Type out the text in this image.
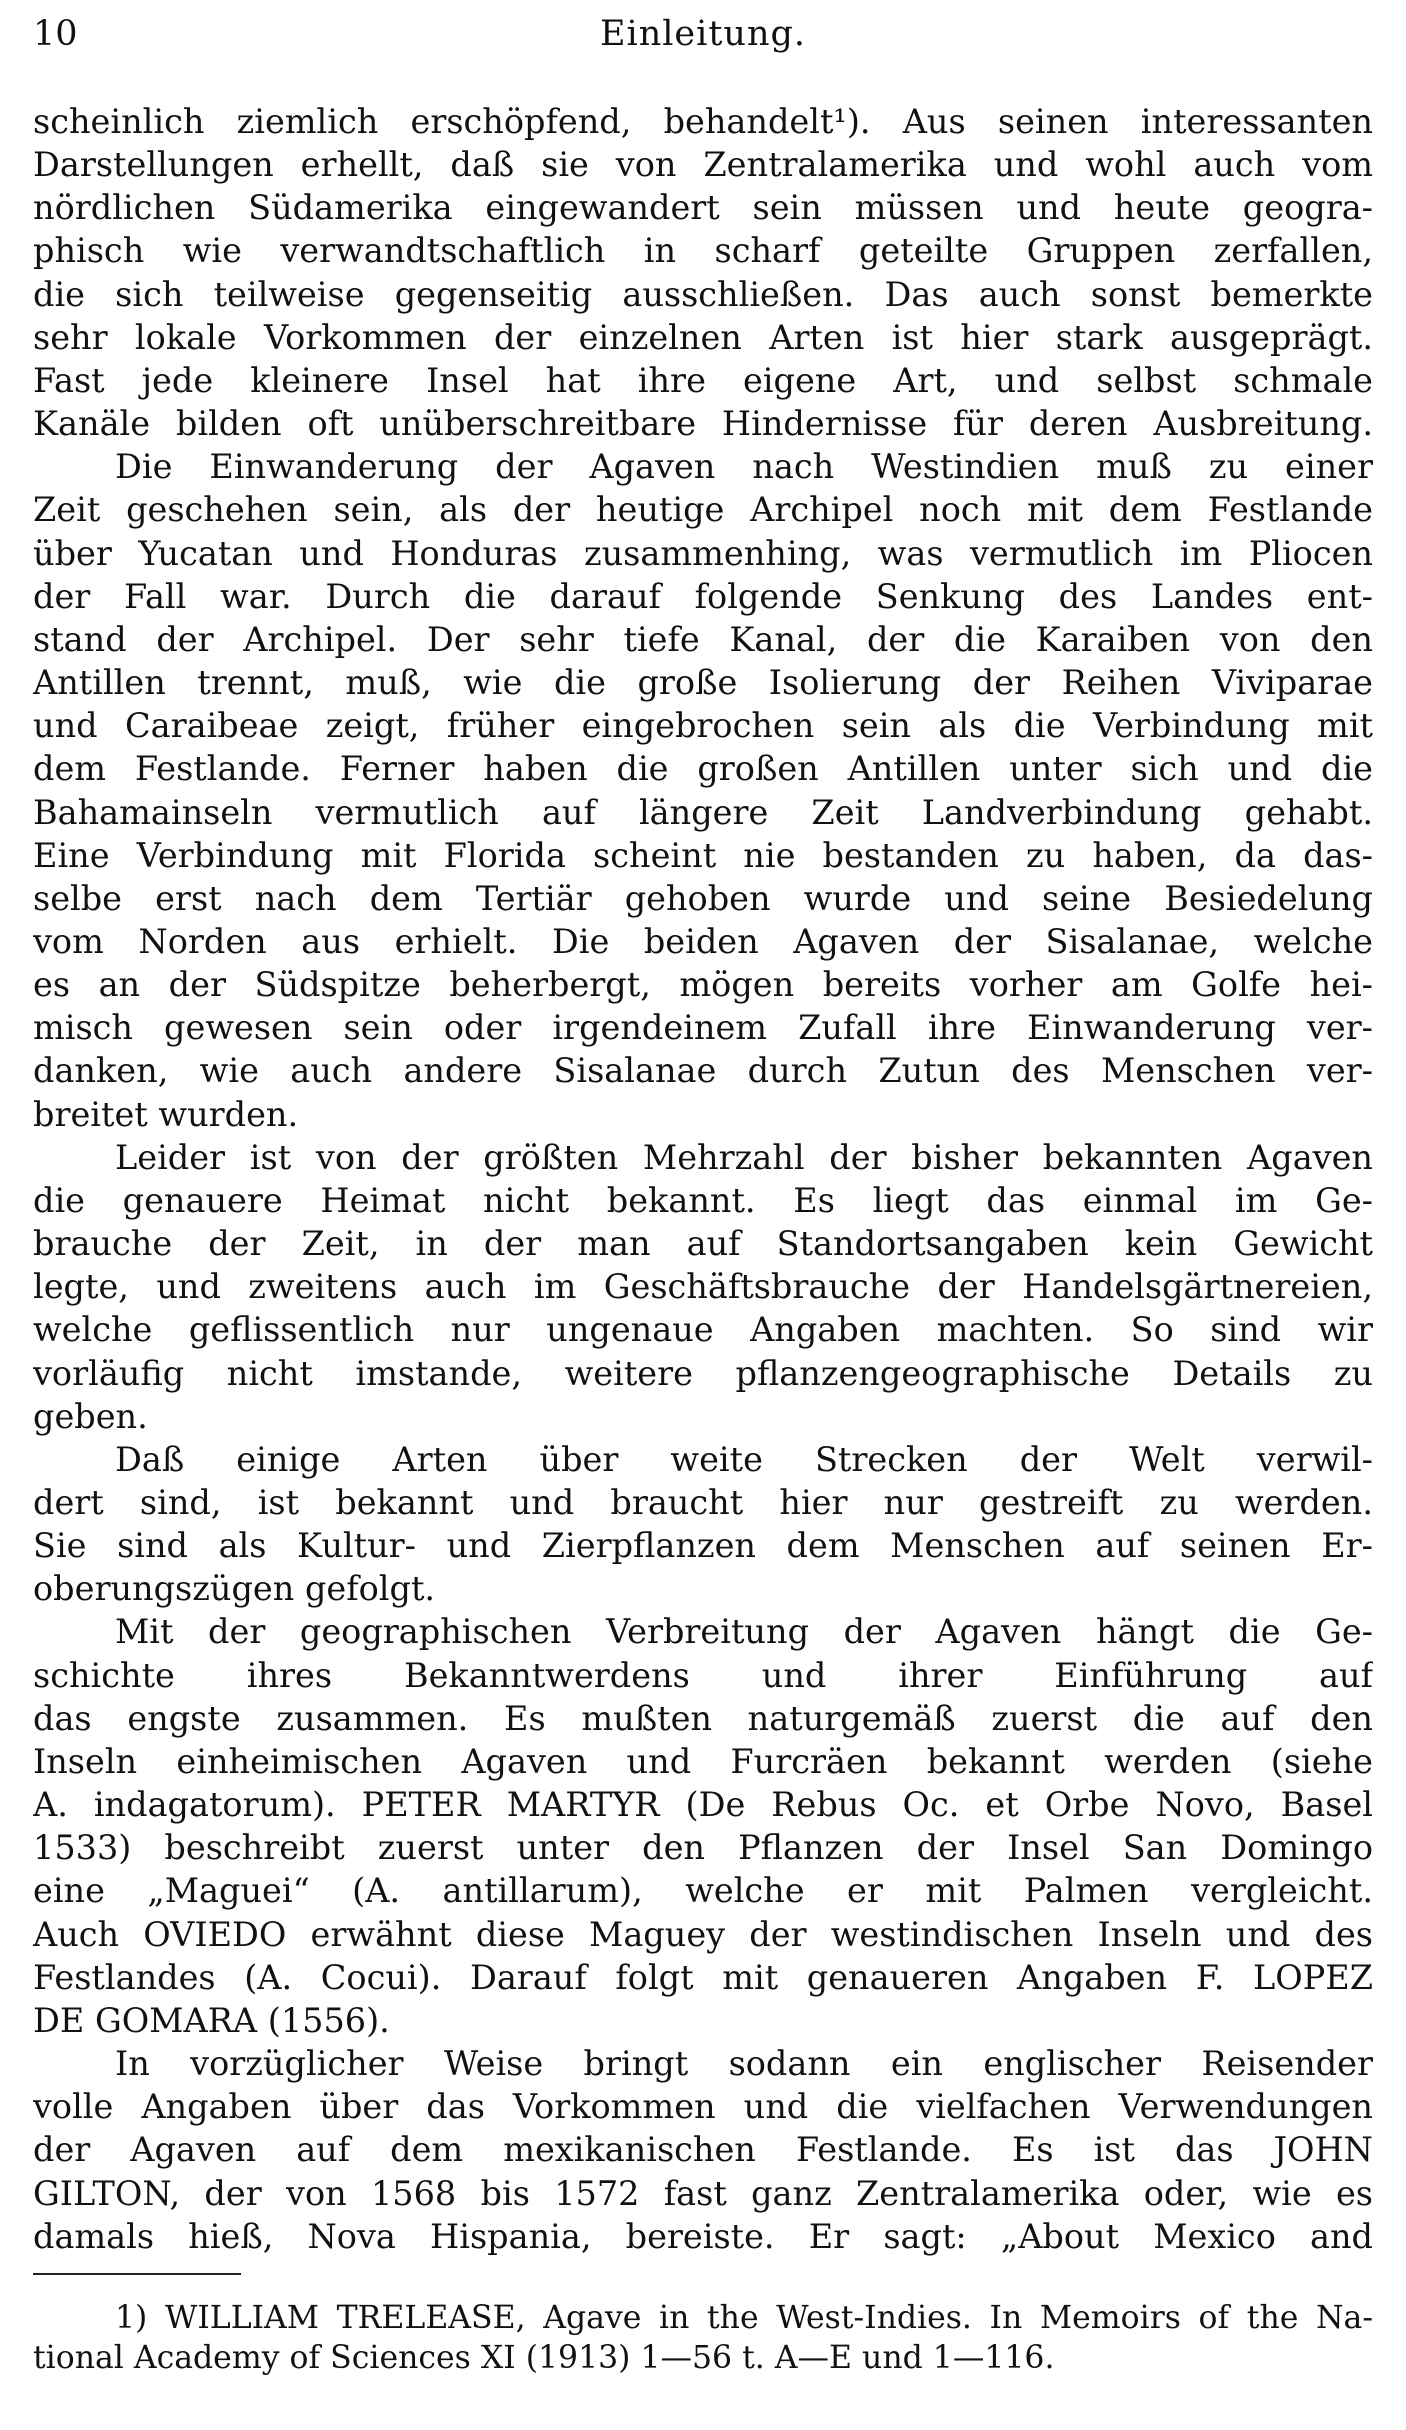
10	Einleitung.
scheinlich ziemlich erschöpfend, behandelt¹). Aus seinen interessanten
Darstellungen erhellt, daß sie von Zentralamerika und wohl auch vom
nördlichen Südamerika eingewandert sein müssen und heute geogra-
phisch wie verwandtschaftlich in scharf geteilte Gruppen zerfallen,
die sich teilweise gegenseitig ausschließen. Das auch sonst bemerkte
sehr lokale Vorkommen der einzelnen Arten ist hier stark ausgeprägt.
Fast jede kleinere Insel hat ihre eigene Art, und selbst schmale
Kanäle bilden oft unüberschreitbare Hindernisse für deren Ausbreitung.
Die Einwanderung der Agaven nach Westindien muß zu einer
Zeit geschehen sein, als der heutige Archipel noch mit dem Festlande
über Yucatan und Honduras zusammenhing, was vermutlich im Pliocen
der Fall war. Durch die darauf folgende Senkung des Landes ent-
stand der Archipel. Der sehr tiefe Kanal, der die Karaiben von den
Antillen trennt, muß, wie die große Isolierung der Reihen Viviparae
und Caraibeae zeigt, früher eingebrochen sein als die Verbindung mit
dem Festlande. Ferner haben die großen Antillen unter sich und die
Bahamainseln vermutlich auf längere Zeit Landverbindung gehabt.
Eine Verbindung mit Florida scheint nie bestanden zu haben, da das-
selbe erst nach dem Tertiär gehoben wurde und seine Besiedelung
vom Norden aus erhielt. Die beiden Agaven der Sisalanae, welche
es an der Südspitze beherbergt, mögen bereits vorher am Golfe hei-
misch gewesen sein oder irgendeinem Zufall ihre Einwanderung ver-
danken, wie auch andere Sisalanae durch Zutun des Menschen ver-
breitet wurden.
Leider ist von der größten Mehrzahl der bisher bekannten Agaven
die genauere Heimat nicht bekannt. Es liegt das einmal im Ge-
brauche der Zeit, in der man auf Standortsangaben kein Gewicht
legte, und zweitens auch im Geschäftsbrauche der Handelsgärtnereien,
welche geflissentlich nur ungenaue Angaben machten. So sind wir
vorläufig nicht imstande, weitere pflanzengeographische Details zu
geben.
Daß einige Arten über weite Strecken der Welt verwil-
dert sind, ist bekannt und braucht hier nur gestreift zu werden.
Sie sind als Kultur- und Zierpflanzen dem Menschen auf seinen Er-
oberungszügen gefolgt.
Mit der geographischen Verbreitung der Agaven hängt die Ge-
schichte ihres Bekanntwerdens und ihrer Einführung auf
das engste zusammen. Es mußten naturgemäß zuerst die auf den
Inseln einheimischen Agaven und Furcräen bekannt werden (siehe
A. indagatorum). PETER MARTYR (De Rebus Oc. et Orbe Novo, Basel
1533) beschreibt zuerst unter den Pflanzen der Insel San Domingo
eine „Maguei“ (A. antillarum), welche er mit Palmen vergleicht.
Auch OVIEDO erwähnt diese Maguey der westindischen Inseln und des
Festlandes (A. Cocui). Darauf folgt mit genaueren Angaben F. LOPEZ
DE GOMARA (1556).
In vorzüglicher Weise bringt sodann ein englischer Reisender
volle Angaben über das Vorkommen und die vielfachen Verwendungen
der Agaven auf dem mexikanischen Festlande. Es ist das JOHN
GILTON, der von 1568 bis 1572 fast ganz Zentralamerika oder, wie es
damals hieß, Nova Hispania, bereiste. Er sagt: „About Mexico and
1) WILLIAM TRELEASE, Agave in the West-Indies. In Memoirs of the Na-
tional Academy of Sciences XI (1913) 1—56 t. A—E und 1—116.
